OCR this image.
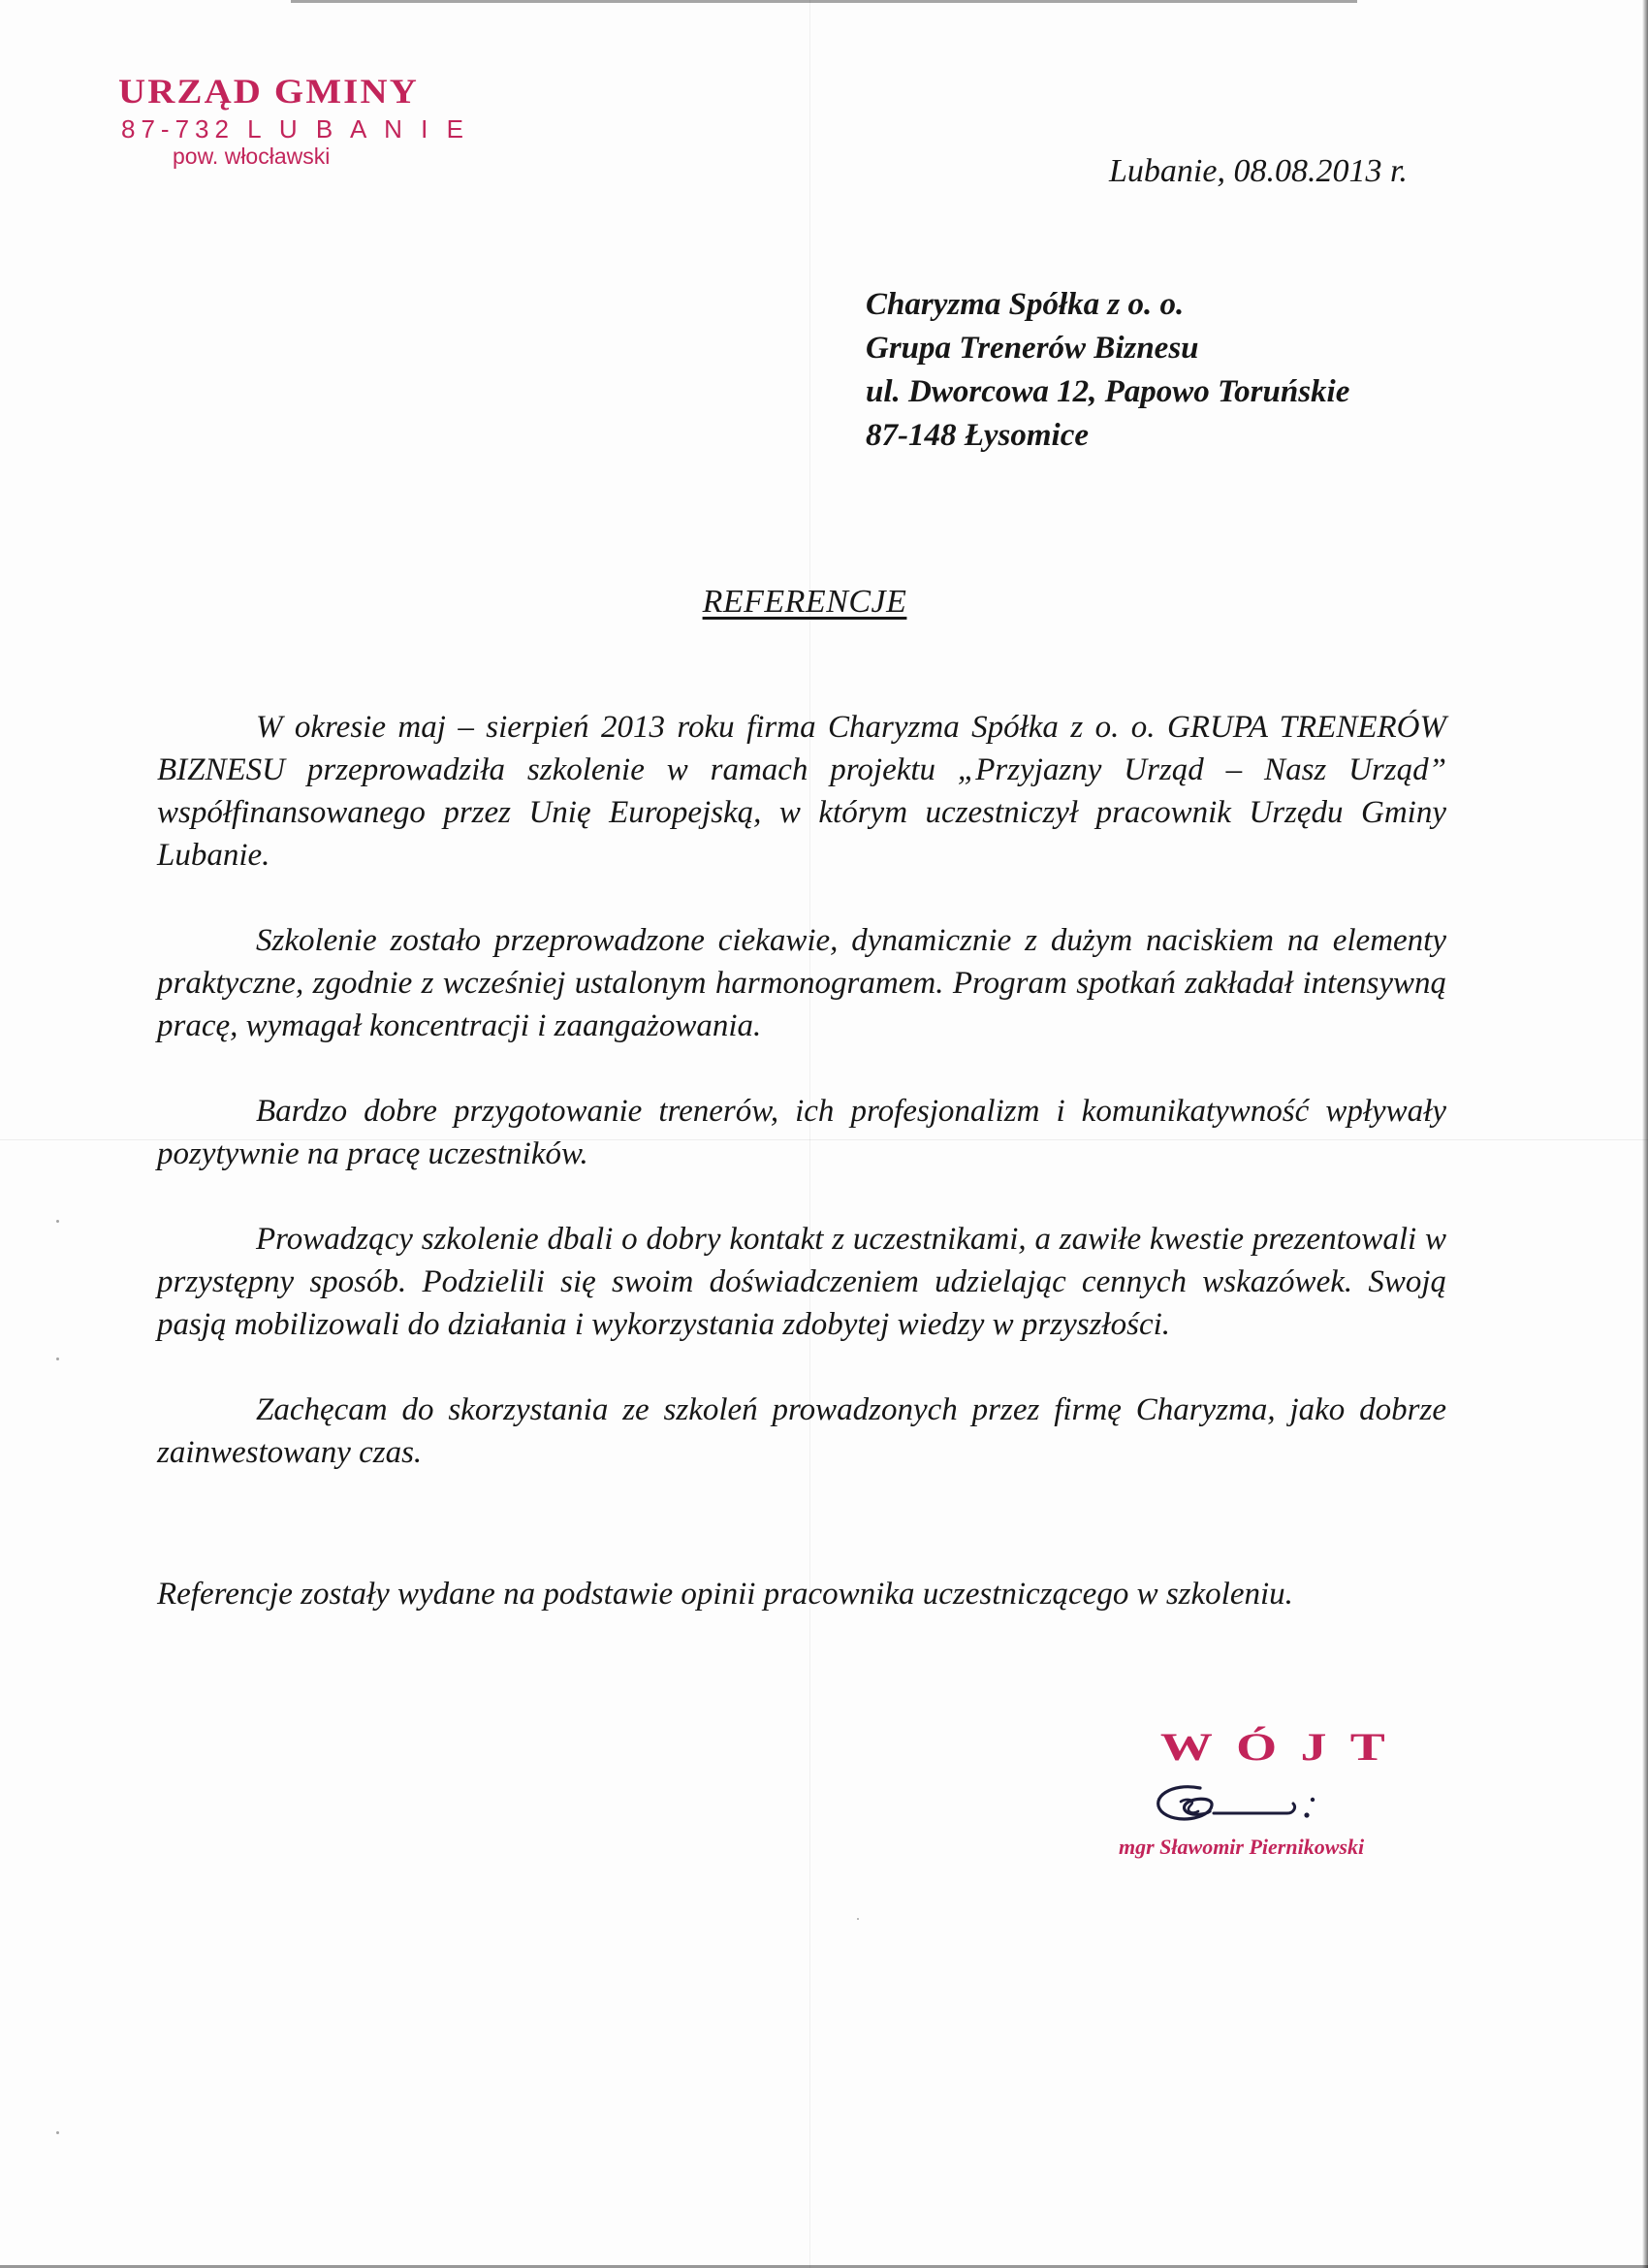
URZĄD GMINY
87-732 L U B A N I E
pow. włocławski	Lubanie, 08.08.2013 r.
Charyzma Spółka z o. o.
Grupa Trenerów Biznesu
ul. Dworcowa 12, Papowo Toruńskie
87-148 Łysomice
REFERENCJE

W okresie maj – sierpień 2013 roku firma Charyzma Spółka z o. o. GRUPA TRENERÓW BIZNESU przeprowadziła szkolenie w ramach projektu „Przyjazny Urząd – Nasz Urząd” współfinansowanego przez Unię Europejską, w którym uczestniczył pracownik Urzędu Gminy Lubanie.

Szkolenie zostało przeprowadzone ciekawie, dynamicznie z dużym naciskiem na elementy praktyczne, zgodnie z wcześniej ustalonym harmonogramem. Program spotkań zakładał intensywną pracę, wymagał koncentracji i zaangażowania.

Bardzo dobre przygotowanie trenerów, ich profesjonalizm i komunikatywność wpływały pozytywnie na pracę uczestników.

Prowadzący szkolenie dbali o dobry kontakt z uczestnikami, a zawiłe kwestie prezentowali w przystępny sposób. Podzielili się swoim doświadczeniem udzielając cennych wskazówek. Swoją pasją mobilizowali do działania i wykorzystania zdobytej wiedzy w przyszłości.

Zachęcam do skorzystania ze szkoleń prowadzonych przez firmę Charyzma, jako dobrze zainwestowany czas.

Referencje zostały wydane na podstawie opinii pracownika uczestniczącego w szkoleniu.

WÓJT
mgr Sławomir Piernikowski
